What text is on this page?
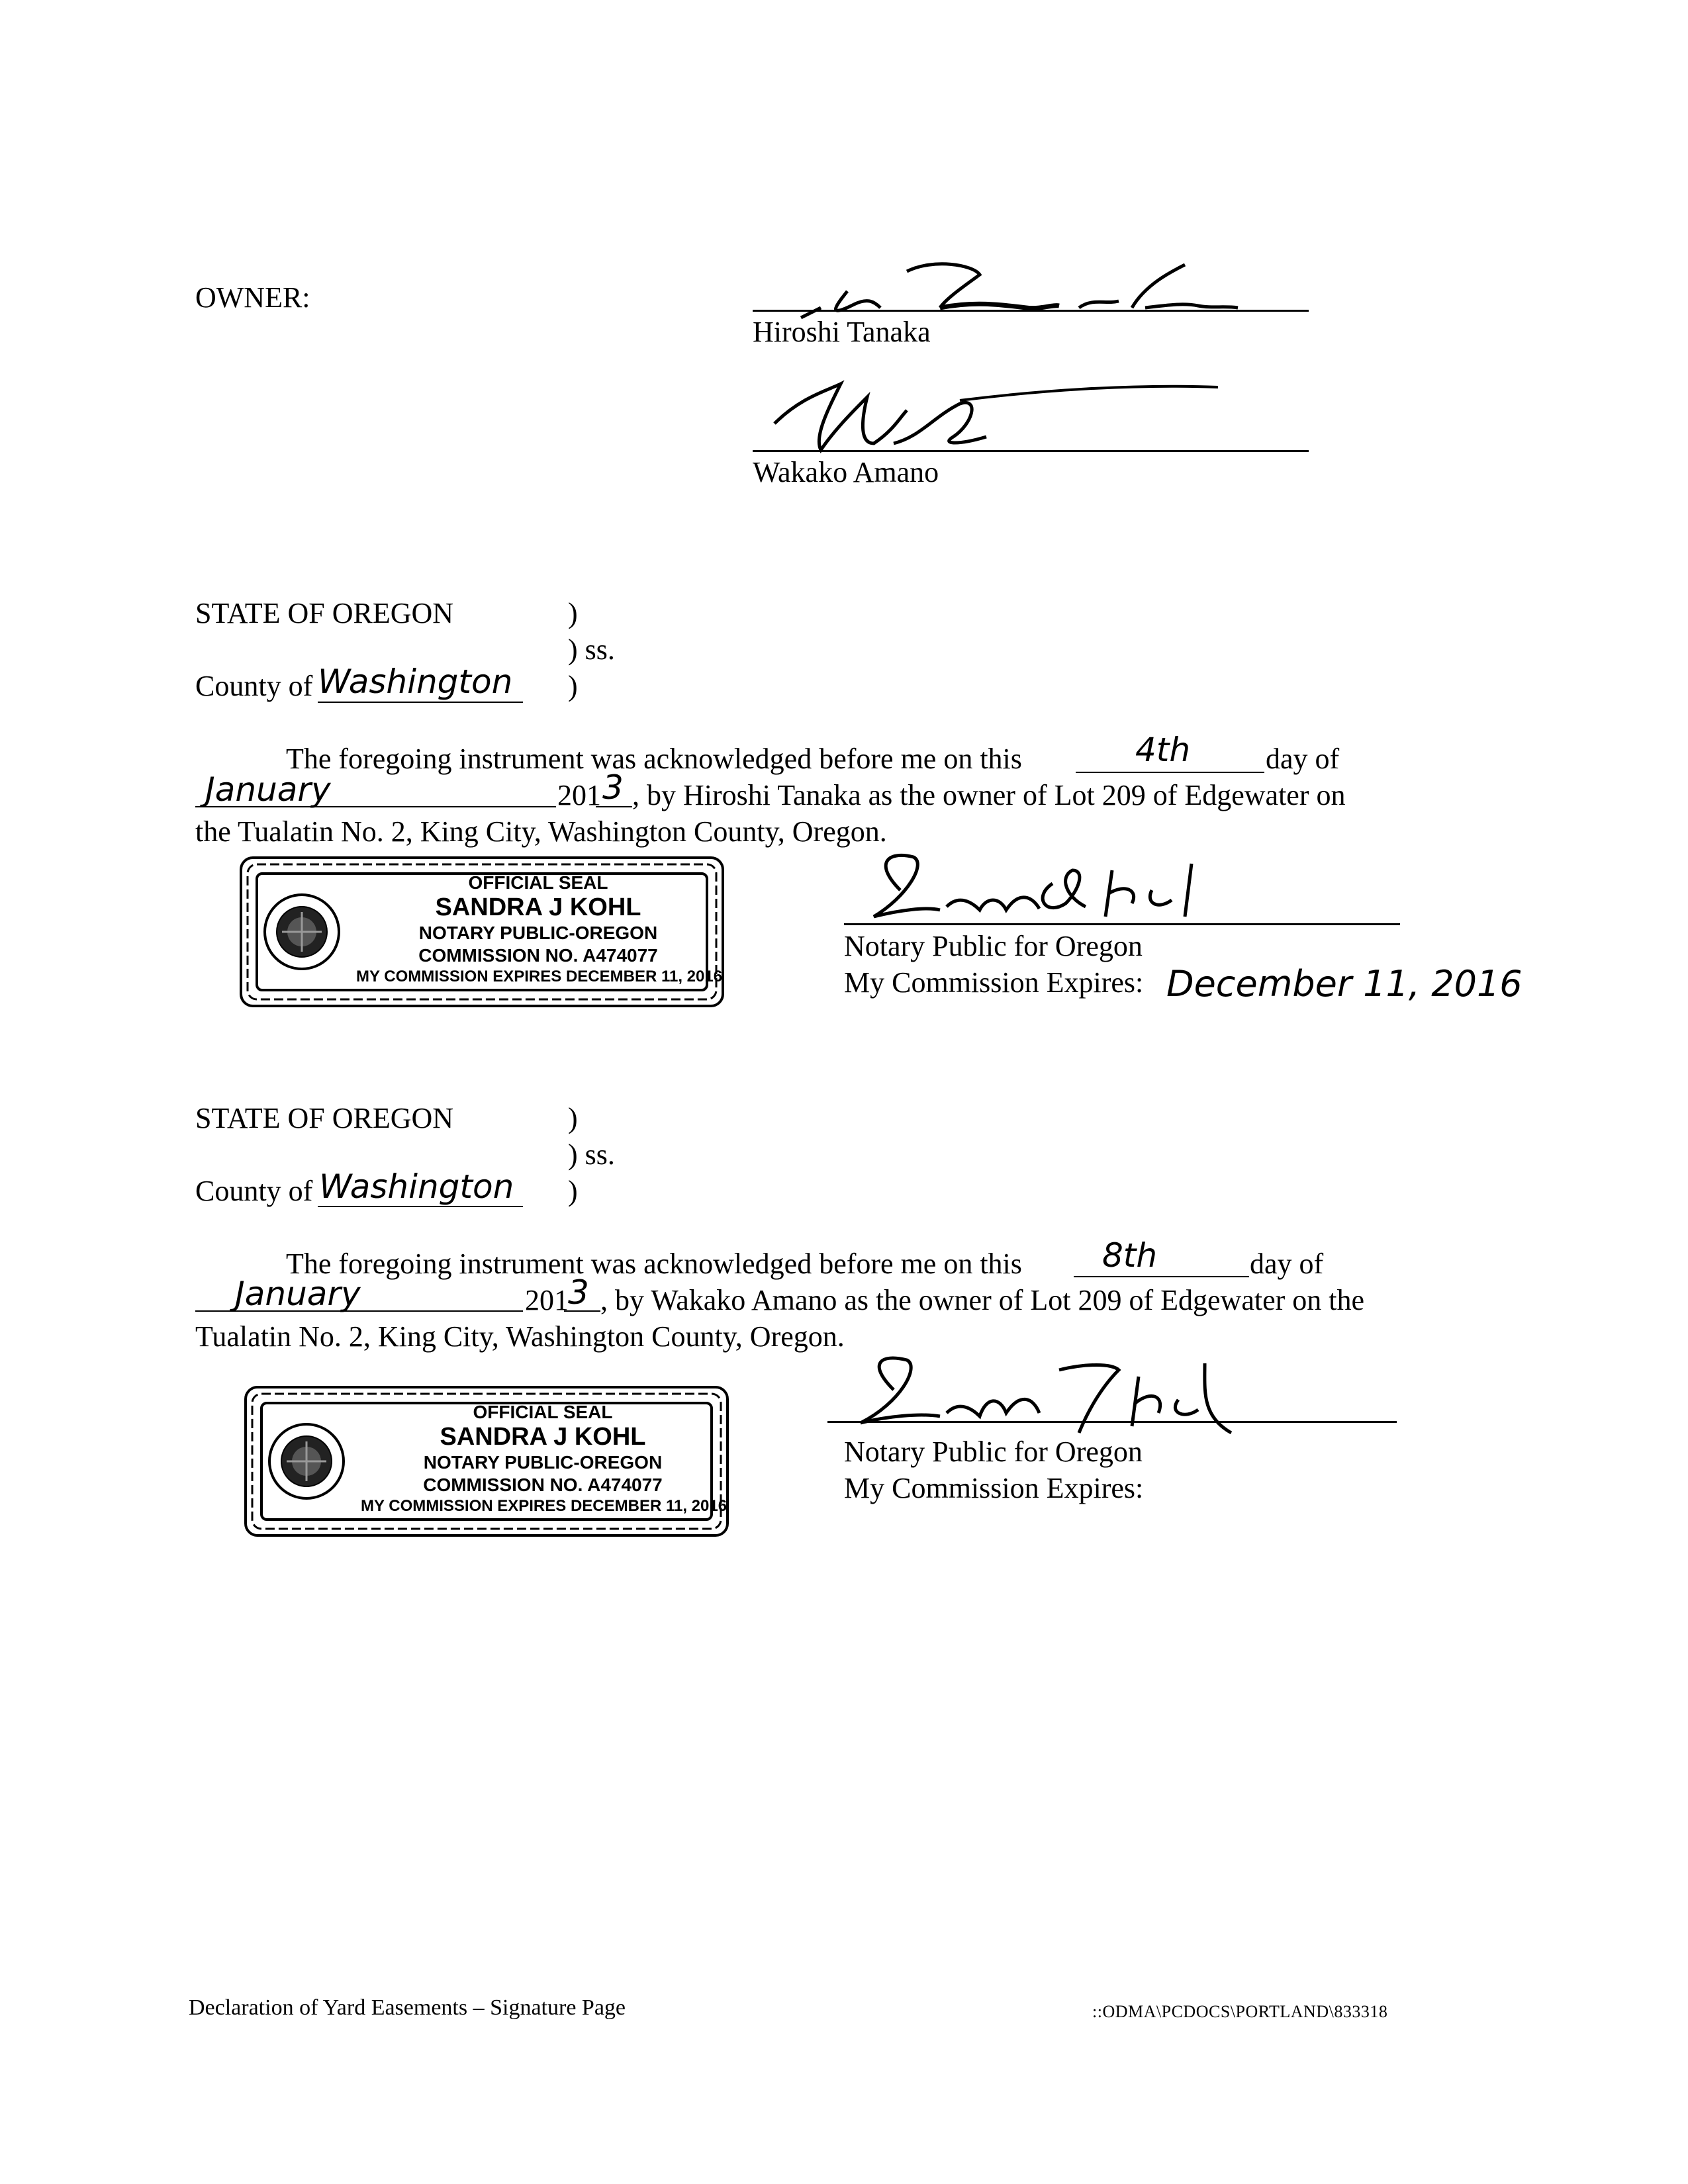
OWNER:
Hiroshi Tanaka
Wakako Amano
STATE OF OREGON	)
) ss.
County of Washington )
The foregoing instrument was acknowledged before me on this	4th	day of
January	201 3 , by Hiroshi Tanaka as the owner of Lot 209 of Edgewater on
the Tualatin No. 2, King City, Washington County, Oregon.
OFFICIAL SEAL
SANDRA J KOHL
NOTARY PUBLIC-OREGON
COMMISSION NO. A474077
MY COMMISSION EXPIRES DECEMBER 11, 2016
Notary Public for Oregon
My Commission Expires: December 11, 2016
STATE OF OREGON	)
) ss.
County of Washington )
The foregoing instrument was acknowledged before me on this 8th	day of
January	201 3 , by Wakako Amano as the owner of Lot 209 of Edgewater on the
Tualatin No. 2, King City, Washington County, Oregon.
OFFICIAL SEAL
SANDRA J KOHL
NOTARY PUBLIC-OREGON
COMMISSION NO. A474077
MY COMMISSION EXPIRES DECEMBER 11, 2016
Notary Public for Oregon
My Commission Expires:
Declaration of Yard Easements – Signature Page	::ODMA\PCDOCS\PORTLAND\833318
